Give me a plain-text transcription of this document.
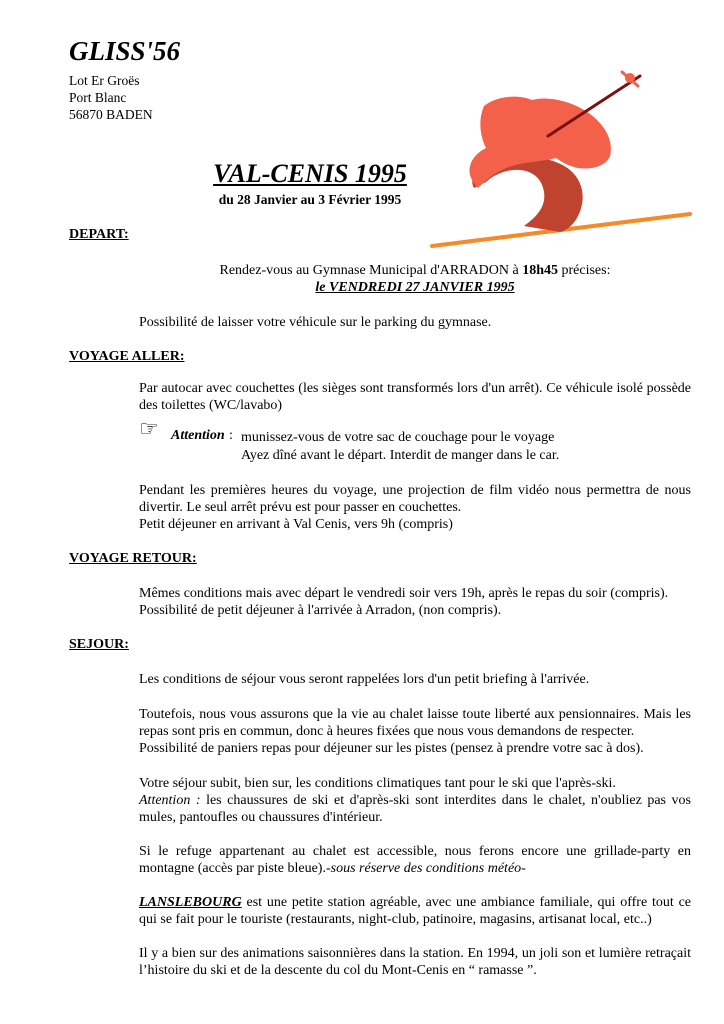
GLISS'56
Lot Er Groës
Port Blanc
56870 BADEN
VAL-CENIS 1995
du 28 Janvier au 3 Février 1995
DEPART:
Rendez-vous au Gymnase Municipal d'ARRADON à 18h45 précises:
le VENDREDI 27 JANVIER 1995
Possibilité de laisser votre véhicule sur le parking du gymnase.
VOYAGE ALLER:
Par autocar avec couchettes (les sièges sont transformés lors d'un arrêt). Ce véhicule isolé possède des toilettes (WC/lavabo)
☞ Attention : munissez-vous de votre sac de couchage pour le voyage
Ayez dîné avant le départ. Interdit de manger dans le car.
Pendant les premières heures du voyage, une projection de film vidéo nous permettra de nous divertir. Le seul arrêt prévu est pour passer en couchettes.
Petit déjeuner en arrivant à Val Cenis, vers 9h (compris)
VOYAGE RETOUR:
Mêmes conditions mais avec départ le vendredi soir vers 19h, après le repas du soir (compris).
Possibilité de petit déjeuner à l'arrivée à Arradon, (non compris).
SEJOUR:
Les conditions de séjour vous seront rappelées lors d'un petit briefing à l'arrivée.
Toutefois, nous vous assurons que la vie au chalet laisse toute liberté aux pensionnaires. Mais les repas sont pris en commun, donc à heures fixées que nous vous demandons de respecter.
Possibilité de paniers repas pour déjeuner sur les pistes (pensez à prendre votre sac à dos).
Votre séjour subit, bien sur, les conditions climatiques tant pour le ski que l'après-ski.
Attention : les chaussures de ski et d'après-ski sont interdites dans le chalet, n'oubliez pas vos mules, pantoufles ou chaussures d'intérieur.
Si le refuge appartenant au chalet est accessible, nous ferons encore une grillade-party en montagne (accès par piste bleue).-sous réserve des conditions météo-
LANSLEBOURG est une petite station agréable, avec une ambiance familiale, qui offre tout ce qui se fait pour le touriste (restaurants, night-club, patinoire, magasins, artisanat local, etc..)
Il y a bien sur des animations saisonnières dans la station. En 1994, un joli son et lumière retraçait l’histoire du ski et de la descente du col du Mont-Cenis en “ ramasse ”.
